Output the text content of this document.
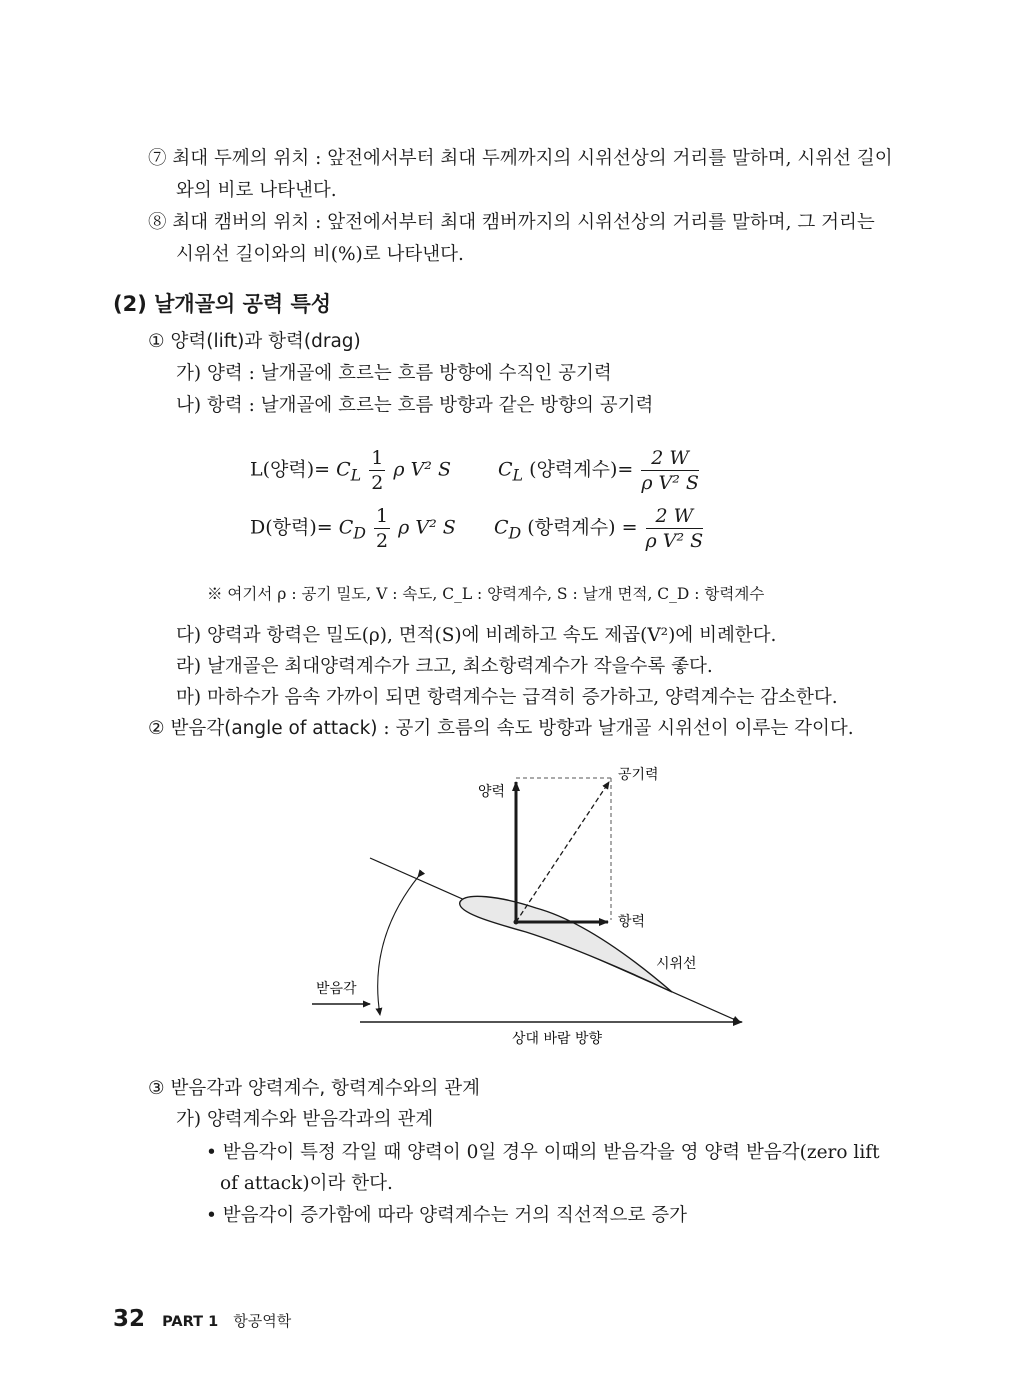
⑦ 최대 두께의 위치 : 앞전에서부터 최대 두께까지의 시위선상의 거리를 말하며, 시위선 길이
와의 비로 나타낸다.
⑧ 최대 캠버의 위치 : 앞전에서부터 최대 캠버까지의 시위선상의 거리를 말하며, 그 거리는
시위선 길이와의 비(%)로 나타낸다.
(2) 날개골의 공력 특성
① 양력(lift)과 항력(drag)
가) 양력 : 날개골에 흐르는 흐름 방향에 수직인 공기력
나) 항력 : 날개골에 흐르는 흐름 방향과 같은 방향의 공기력
L(양력)= $C_L \frac{1}{2}$ ρ V² S $C_L$ (양력계수)= $\frac{2 W}{\text{ρ V² S}}$
D(항력)= $C_D \frac{1}{2}$ ρ V² S $C_D$ (항력계수) = $\frac{2 W}{\text{ρ V² S}}$
※ 여기서 ρ : 공기 밀도, V : 속도, C_L : 양력계수, S : 날개 면적, C_D : 항력계수
다) 양력과 항력은 밀도(ρ), 면적(S)에 비례하고 속도 제곱(V²)에 비례한다.
라) 날개골은 최대양력계수가 크고, 최소항력계수가 작을수록 좋다.
마) 마하수가 음속 가까이 되면 항력계수는 급격히 증가하고, 양력계수는 감소한다.
② 받음각(angle of attack) : 공기 흐름의 속도 방향과 날개골 시위선이 이루는 각이다.
양력
공기력
항력
시위선
받음각
상대 바람 방향
③ 받음각과 양력계수, 항력계수와의 관계
가) 양력계수와 받음각과의 관계
• 받음각이 특정 각일 때 양력이 0일 경우 이때의 받음각을 영 양력 받음각(zero lift
of attack)이라 한다.
• 받음각이 증가함에 따라 양력계수는 거의 직선적으로 증가
32 PART 1 항공역학
